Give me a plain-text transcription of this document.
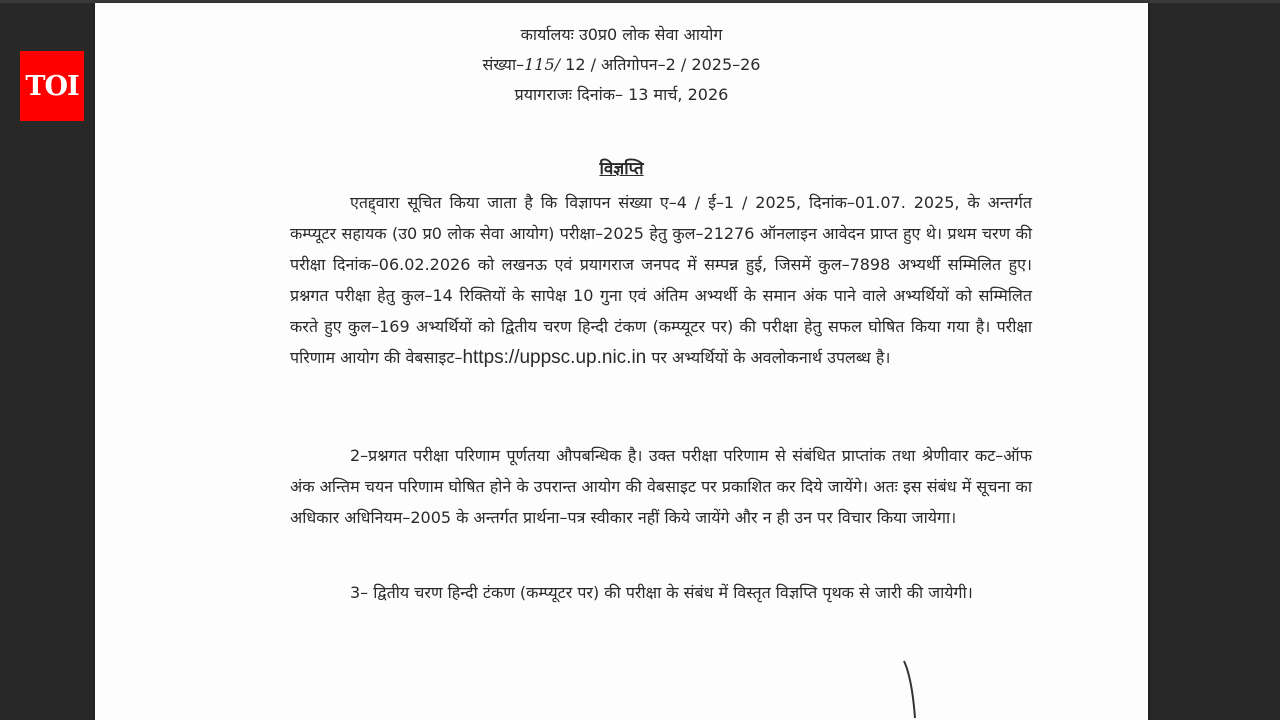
TOI
कार्यालयः उ0प्र0 लोक सेवा आयोग
संख्या–115/ 12 / अतिगोपन–2 / 2025–26
प्रयागराजः दिनांक– 13 मार्च, 2026
विज्ञप्ति
एतद्द्वारा सूचित किया जाता है कि विज्ञापन संख्या ए–4 / ई–1 / 2025, दिनांक–01.07. 2025, के अन्तर्गत कम्प्यूटर सहायक (उ0 प्र0 लोक सेवा आयोग) परीक्षा–2025 हेतु कुल–21276 ऑनलाइन आवेदन प्राप्त हुए थे। प्रथम चरण की परीक्षा दिनांक–06.02.2026 को लखनऊ एवं प्रयागराज जनपद में सम्पन्न हुई, जिसमें कुल–7898 अभ्यर्थी सम्मिलित हुए। प्रश्नगत परीक्षा हेतु कुल–14 रिक्तियों के सापेक्ष 10 गुना एवं अंतिम अभ्यर्थी के समान अंक पाने वाले अभ्यर्थियों को सम्मिलित करते हुए कुल–169 अभ्यर्थियों को द्वितीय चरण हिन्दी टंकण (कम्प्यूटर पर) की परीक्षा हेतु सफल घोषित किया गया है। परीक्षा परिणाम आयोग की वेबसाइट–https://uppsc.up.nic.in पर अभ्यर्थियों के अवलोकनार्थ उपलब्ध है।
2–प्रश्नगत परीक्षा परिणाम पूर्णतया औपबन्धिक है। उक्त परीक्षा परिणाम से संबंधित प्राप्तांक तथा श्रेणीवार कट–ऑफ अंक अन्तिम चयन परिणाम घोषित होने के उपरान्त आयोग की वेबसाइट पर प्रकाशित कर दिये जायेंगे। अतः इस संबंध में सूचना का अधिकार अधिनियम–2005 के अन्तर्गत प्रार्थना–पत्र स्वीकार नहीं किये जायेंगे और न ही उन पर विचार किया जायेगा।
3– द्वितीय चरण हिन्दी टंकण (कम्प्यूटर पर) की परीक्षा के संबंध में विस्तृत विज्ञप्ति पृथक से जारी की जायेगी।
